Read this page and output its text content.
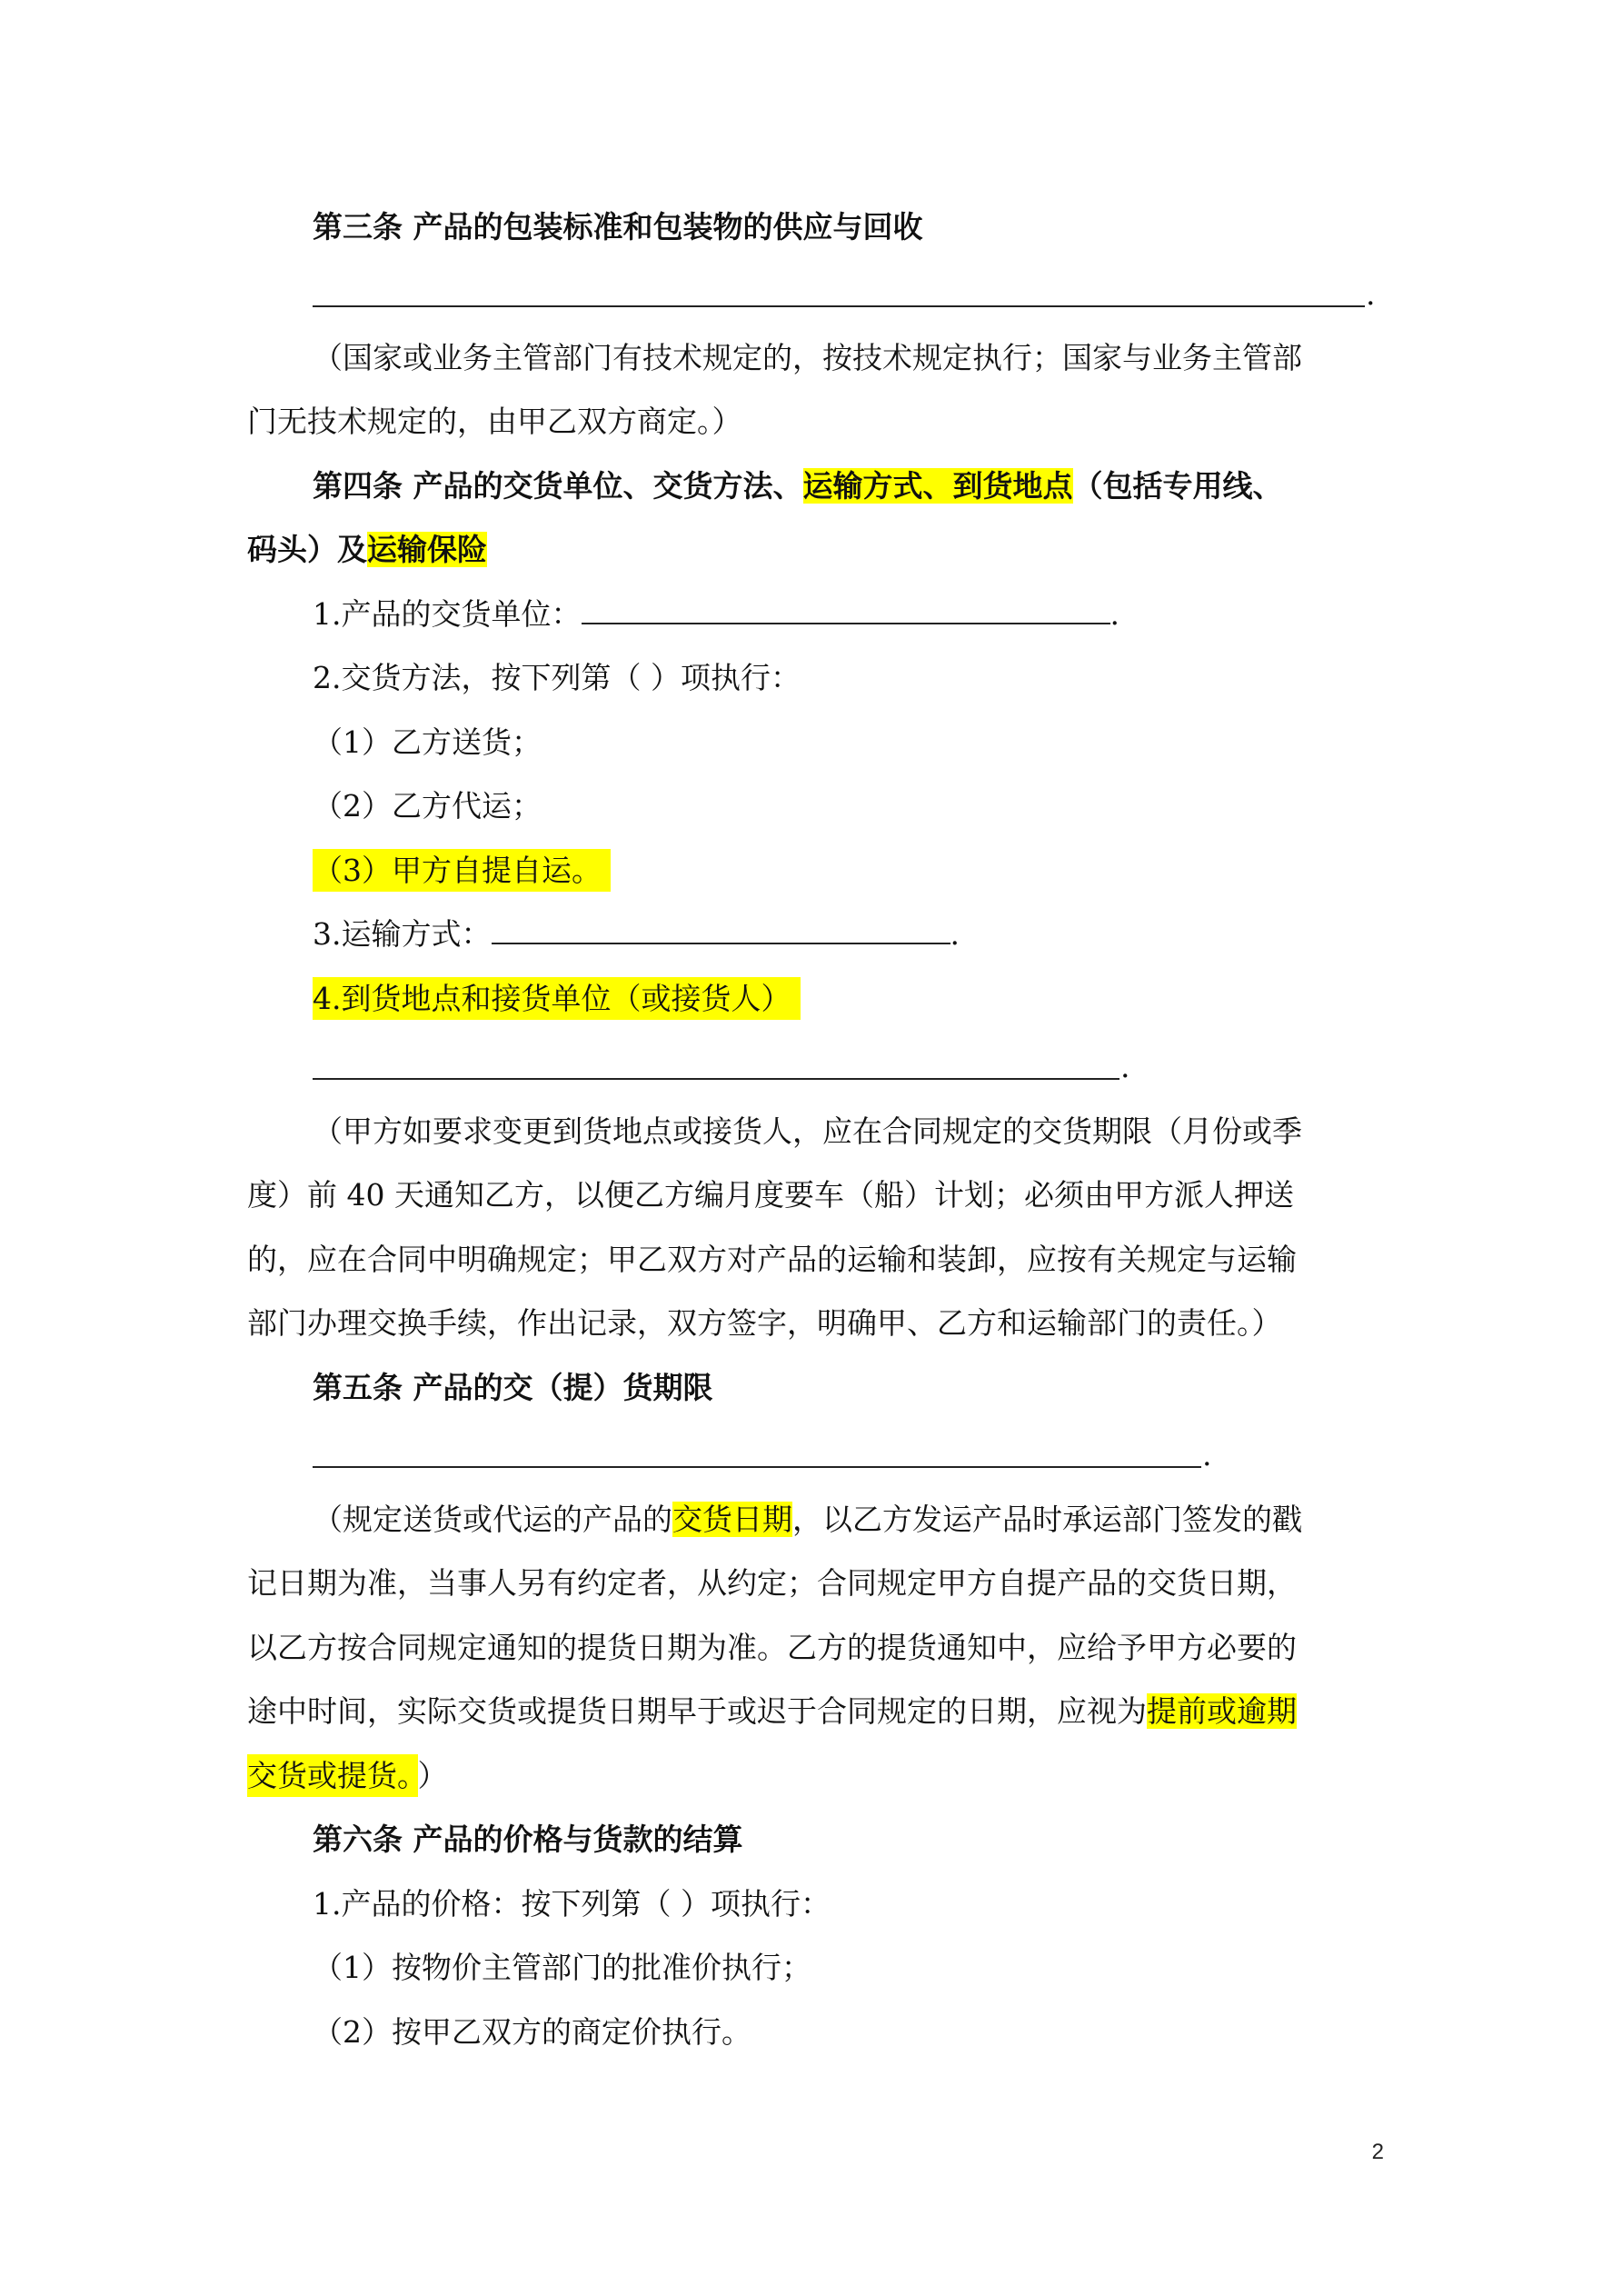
第三条 产品的包装标准和包装物的供应与回收
.
（国家或业务主管部门有技术规定的，按技术规定执行；国家与业务主管部
门无技术规定的，由甲乙双方商定。）
第四条 产品的交货单位、交货方法、运输方式、到货地点（包括专用线、
码头）及运输保险
1.产品的交货单位：	.
2.交货方法，按下列第（ ）项执行：
（1）乙方送货；
（2）乙方代运；
（3）甲方自提自运。
3.运输方式：	.
4.到货地点和接货单位（或接货人）
.
（甲方如要求变更到货地点或接货人，应在合同规定的交货期限（月份或季
度）前 40 天通知乙方，以便乙方编月度要车（船）计划；必须由甲方派人押送
的，应在合同中明确规定；甲乙双方对产品的运输和装卸，应按有关规定与运输
部门办理交换手续，作出记录，双方签字，明确甲、乙方和运输部门的责任。）
第五条 产品的交（提）货期限
.
（规定送货或代运的产品的交货日期，以乙方发运产品时承运部门签发的戳
记日期为准，当事人另有约定者，从约定；合同规定甲方自提产品的交货日期，
以乙方按合同规定通知的提货日期为准。乙方的提货通知中，应给予甲方必要的
途中时间，实际交货或提货日期早于或迟于合同规定的日期，应视为提前或逾期
交货或提货。 ）
第六条 产品的价格与货款的结算
1.产品的价格：按下列第（ ）项执行：
（1）按物价主管部门的批准价执行；
（2）按甲乙双方的商定价执行。
2
